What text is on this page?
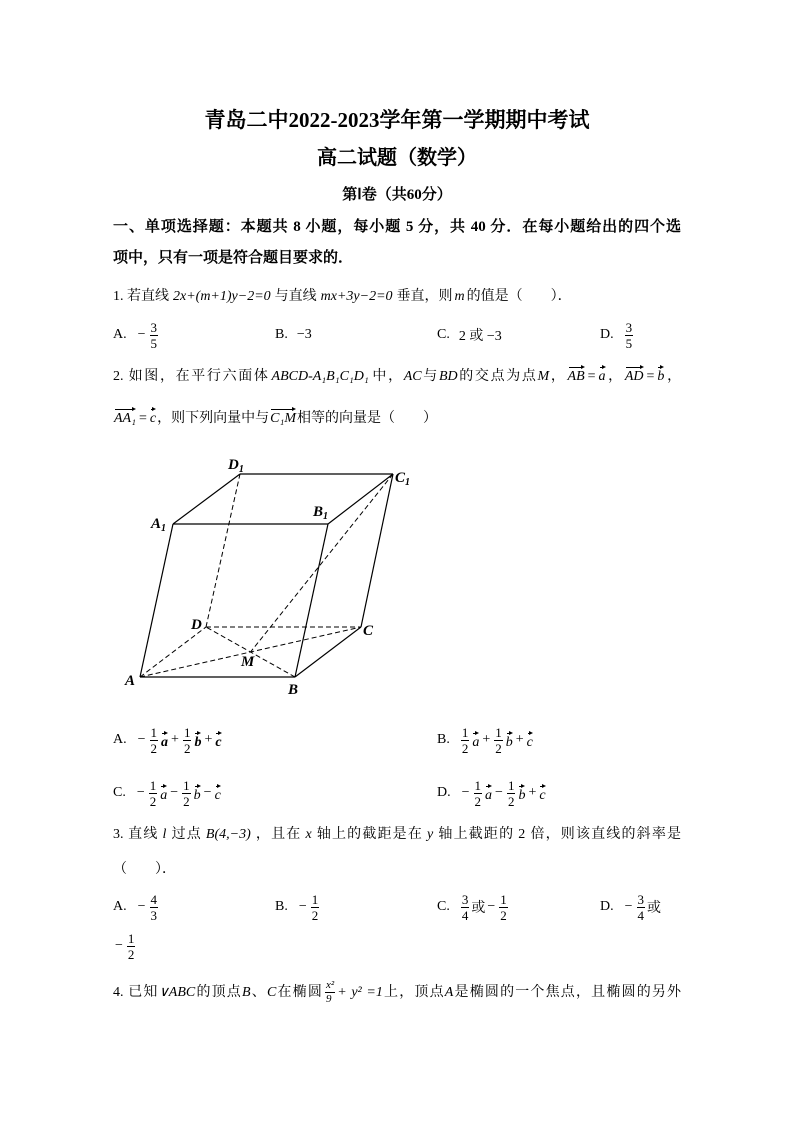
青岛二中2022-2023学年第一学期期中考试
高二试题（数学）
第Ⅰ卷（共60分）
一、单项选择题：本题共 8 小题，每小题 5 分，共 40 分．在每小题给出的四个选
项中，只有一项是符合题目要求的．
1. 若直线 2x+(m+1)y−2=0 与直线 mx+3y−2=0 垂直，则 m 的值是（　　）．
A. − $\frac{3}{5}$	B. −3	C. 2 或 −3	D. $\frac{3}{5}$
2. 如图，在平行六面体 ABCD-A₁B₁C₁D₁ 中，AC与BD的交点为点M，AB = a，AD = b，
AA₁ = c，则下列向量中与C₁M相等的向量是（　　）
$D_1$
$C_1$
$A_1$
$B_1$
D	C
M
A
B
A. − $\frac{1}{2}$ $a + \frac{1}{2}$ b + c	B. $\frac{1}{2}$ $a + \frac{1}{2}$ b + c
C. − $\frac{1}{2}$ $a - \frac{1}{2}$ b − c	D. − $\frac{1}{2}$ $a - \frac{1}{2}$ b + c
3. 直线 l 过点 B(4,−3) ，且在 x 轴上的截距是在 y 轴上截距的 2 倍，则该直线的斜率是
（　　）．
A. − $\frac{4}{3}$	B. − $\frac{1}{2}$	C. $\frac{3}{4}$ 或 − $\frac{1}{2}$	D. − $\frac{3}{4}$ 或
− $\frac{1}{2}$
4. 已知∨ABC的顶点B、C在椭圆 $\frac{\text{x²}}{9} + y^2 =1$上，顶点A是椭圆的一个焦点，且椭圆的另外
